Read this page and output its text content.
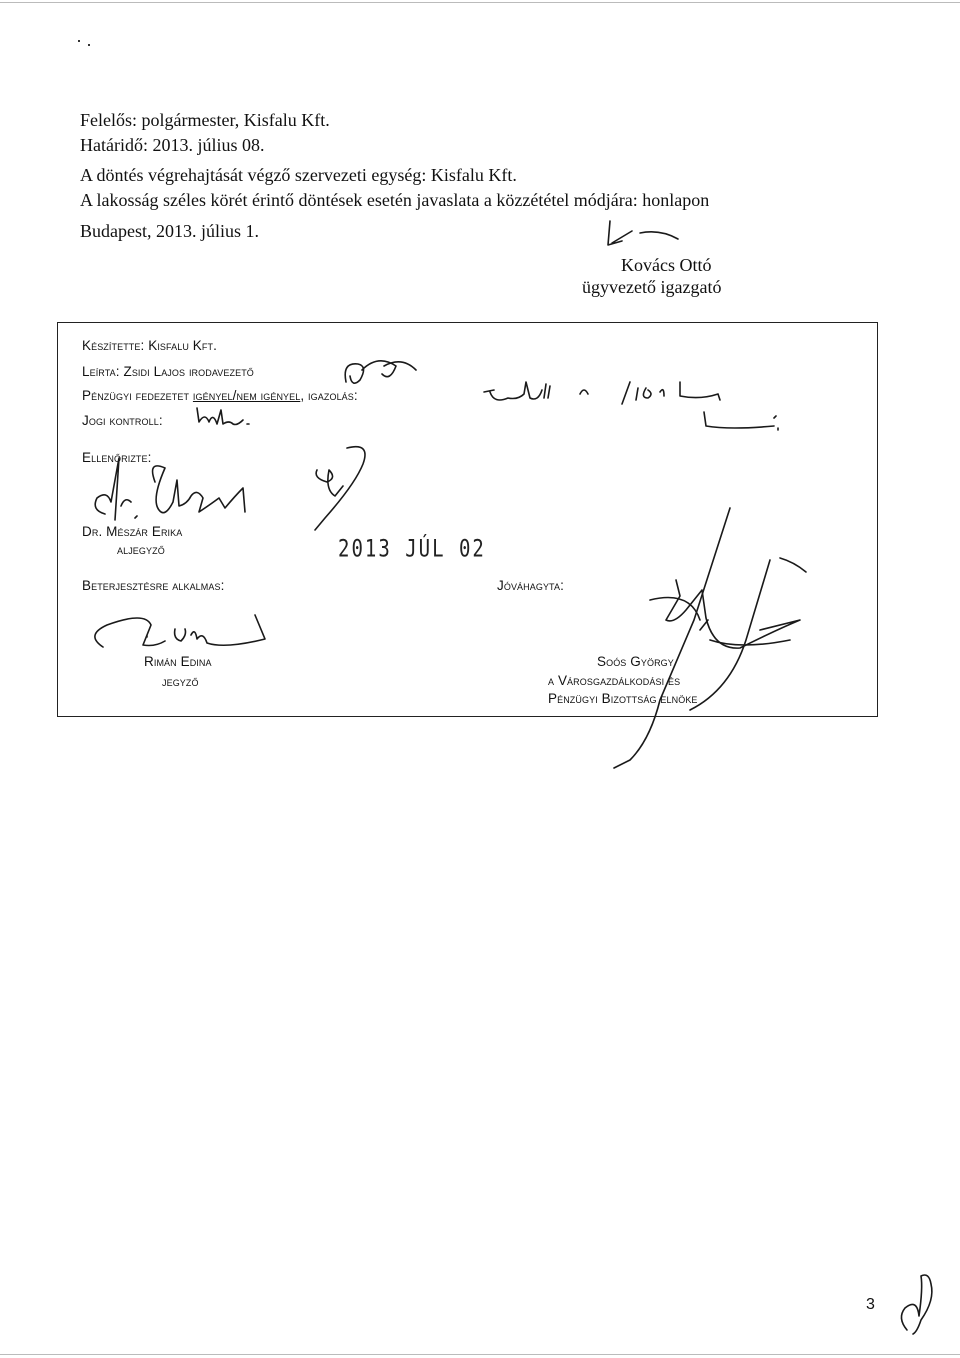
Felelős: polgármester, Kisfalu Kft.
Határidő: 2013. július 08.
A döntés végrehajtását végző szervezeti egység: Kisfalu Kft.
A lakosság széles körét érintő döntések esetén javaslata a közzététel módjára: honlapon
Budapest, 2013. július 1.
Kovács Ottó
ügyvezető igazgató
Készítette: Kisfalu Kft.
Leírta: Zsidi Lajos irodavezető
Pénzügyi fedezetet igényel/nem igényel, igazolás:
Jogi kontroll:
Ellenőrizte:
Dr. Mészár Erika
aljegyző	2013 JÚL 02
Beterjesztésre alkalmas:
Rimán Edina
jegyző
Jóváhagyta:
Soós György
a Városgazdálkodási és
Pénzügyi Bizottság elnöke
3
